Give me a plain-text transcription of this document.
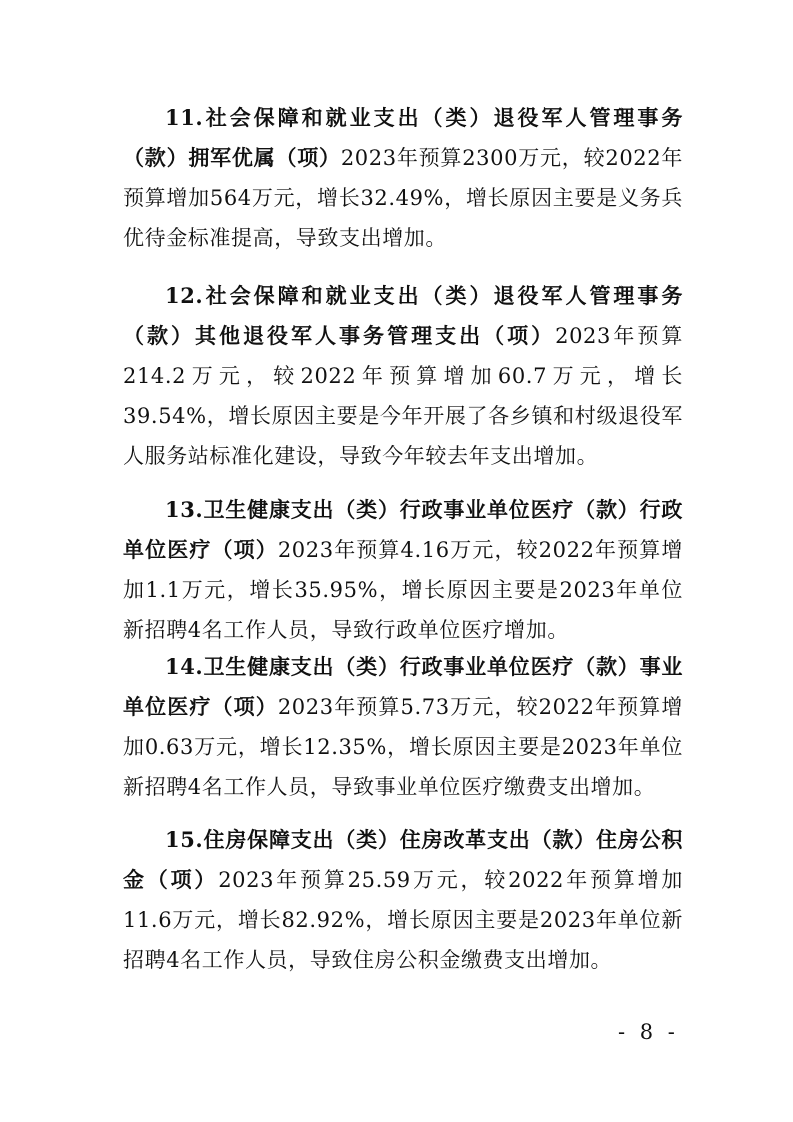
11.社会保障和就业支出（类）退役军人管理事务（款）拥军优属（项）2023年预算2300万元，较2022年预算增加564万元，增长32.49%，增长原因主要是义务兵优待金标准提高，导致支出增加。

12.社会保障和就业支出（类）退役军人管理事务（款）其他退役军人事务管理支出（项）2023年预算214.2万元，较2022年预算增加60.7万元，增长39.54%，增长原因主要是今年开展了各乡镇和村级退役军人服务站标准化建设，导致今年较去年支出增加。

13.卫生健康支出（类）行政事业单位医疗（款）行政单位医疗（项）2023年预算4.16万元，较2022年预算增加1.1万元，增长35.95%，增长原因主要是2023年单位新招聘4名工作人员，导致行政单位医疗增加。

14.卫生健康支出（类）行政事业单位医疗（款）事业单位医疗（项）2023年预算5.73万元，较2022年预算增加0.63万元，增长12.35%，增长原因主要是2023年单位新招聘4名工作人员，导致事业单位医疗缴费支出增加。

15.住房保障支出（类）住房改革支出（款）住房公积金（项）2023年预算25.59万元，较2022年预算增加11.6万元，增长82.92%，增长原因主要是2023年单位新招聘4名工作人员，导致住房公积金缴费支出增加。

- 8 -
